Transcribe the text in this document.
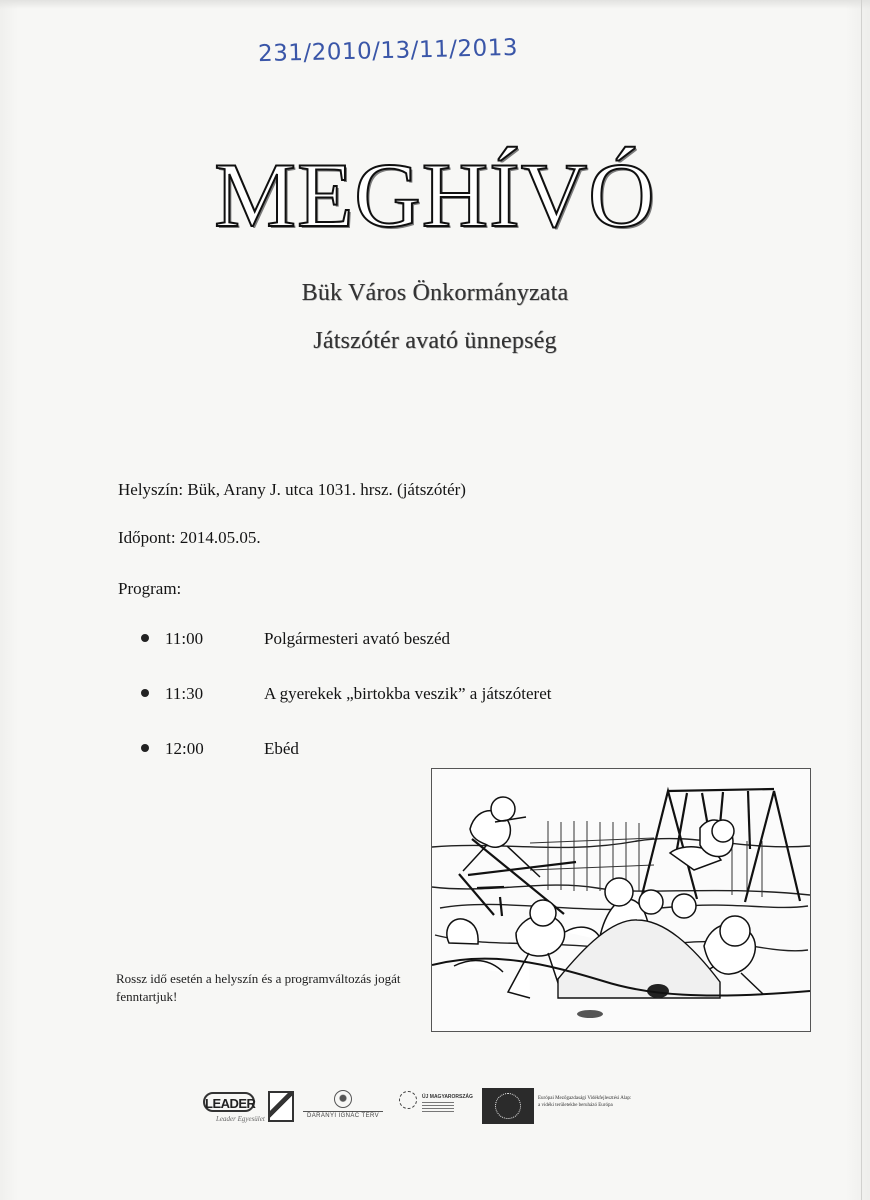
231/2010/13/11/2013
MEGHÍVÓ
Bük Város Önkormányzata
Játszótér avató ünnepség
Helyszín: Bük, Arany J. utca 1031. hrsz. (játszótér)
Időpont: 2014.05.05.
Program:
11:00	Polgármesteri avató beszéd
11:30	A gyerekek „birtokba veszik” a játszóteret
12:00	Ebéd
Rossz idő esetén a helyszín és a programváltozás jogát fenntartjuk!
LEADER
Leader Egyesület	DARÁNYI IGNÁC TERV
ÚJ MAGYARORSZÁG	Európai Mezőgazdasági Vidékfejlesztési Alap:
a vidéki területekbe beruházó Európa
